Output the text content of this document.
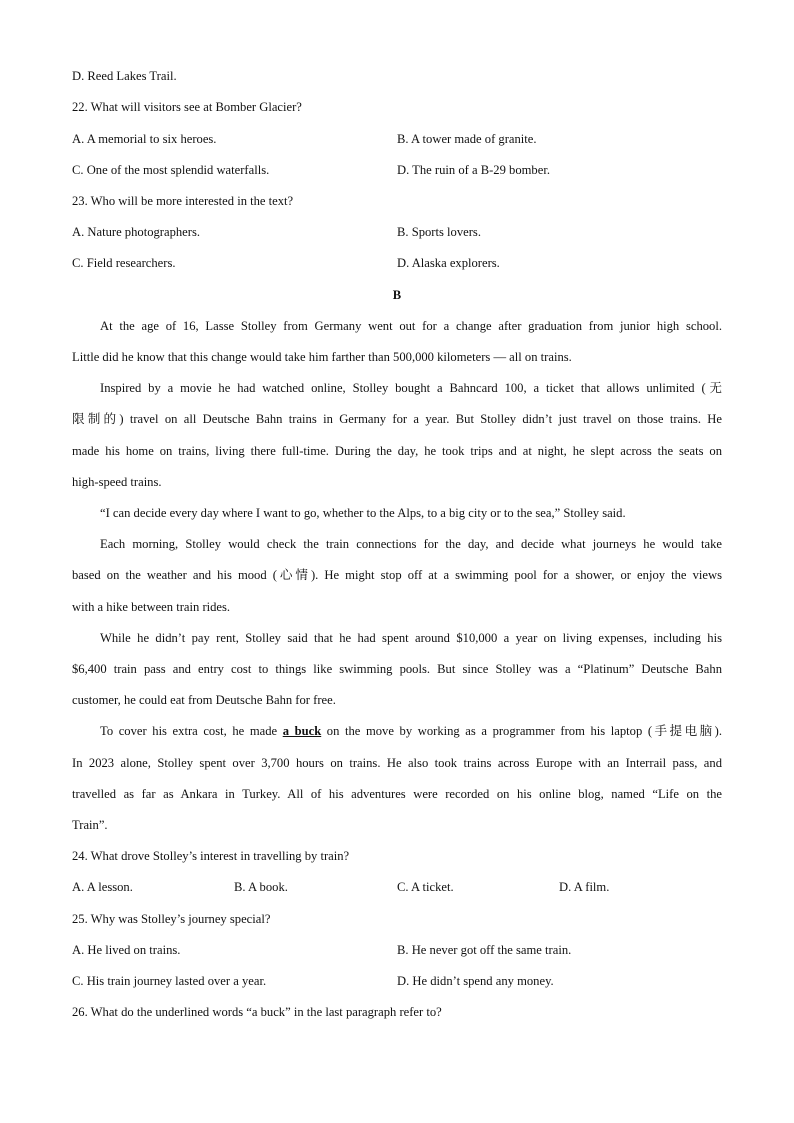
D. Reed Lakes Trail.
22. What will visitors see at Bomber Glacier?
A. A memorial to six heroes.	B. A tower made of granite.
C. One of the most splendid waterfalls.	D. The ruin of a B-29 bomber.
23. Who will be more interested in the text?
A. Nature photographers.	B. Sports lovers.
C. Field researchers.	D. Alaska explorers.
B
At the age of 16, Lasse Stolley from Germany went out for a change after graduation from junior high school.
Little did he know that this change would take him farther than 500,000 kilometers — all on trains.
Inspired by a movie he had watched online, Stolley bought a Bahncard 100, a ticket that allows unlimited (无
限制的) travel on all Deutsche Bahn trains in Germany for a year. But Stolley didn’t just travel on those trains. He
made his home on trains, living there full-time. During the day, he took trips and at night, he slept across the seats on
high-speed trains.
“I can decide every day where I want to go, whether to the Alps, to a big city or to the sea,” Stolley said.
Each morning, Stolley would check the train connections for the day, and decide what journeys he would take
based on the weather and his mood (心情). He might stop off at a swimming pool for a shower, or enjoy the views
with a hike between train rides.
While he didn’t pay rent, Stolley said that he had spent around $10,000 a year on living expenses, including his
$6,400 train pass and entry cost to things like swimming pools. But since Stolley was a “Platinum” Deutsche Bahn
customer, he could eat from Deutsche Bahn for free.
To cover his extra cost, he made a buck on the move by working as a programmer from his laptop (手提电脑).
In 2023 alone, Stolley spent over 3,700 hours on trains. He also took trains across Europe with an Interrail pass, and
travelled as far as Ankara in Turkey. All of his adventures were recorded on his online blog, named “Life on the
Train”.
24. What drove Stolley’s interest in travelling by train?
A. A lesson.	B. A book.	C. A ticket.	D. A film.
25. Why was Stolley’s journey special?
A. He lived on trains.	B. He never got off the same train.
C. His train journey lasted over a year.	D. He didn’t spend any money.
26. What do the underlined words “a buck” in the last paragraph refer to?
